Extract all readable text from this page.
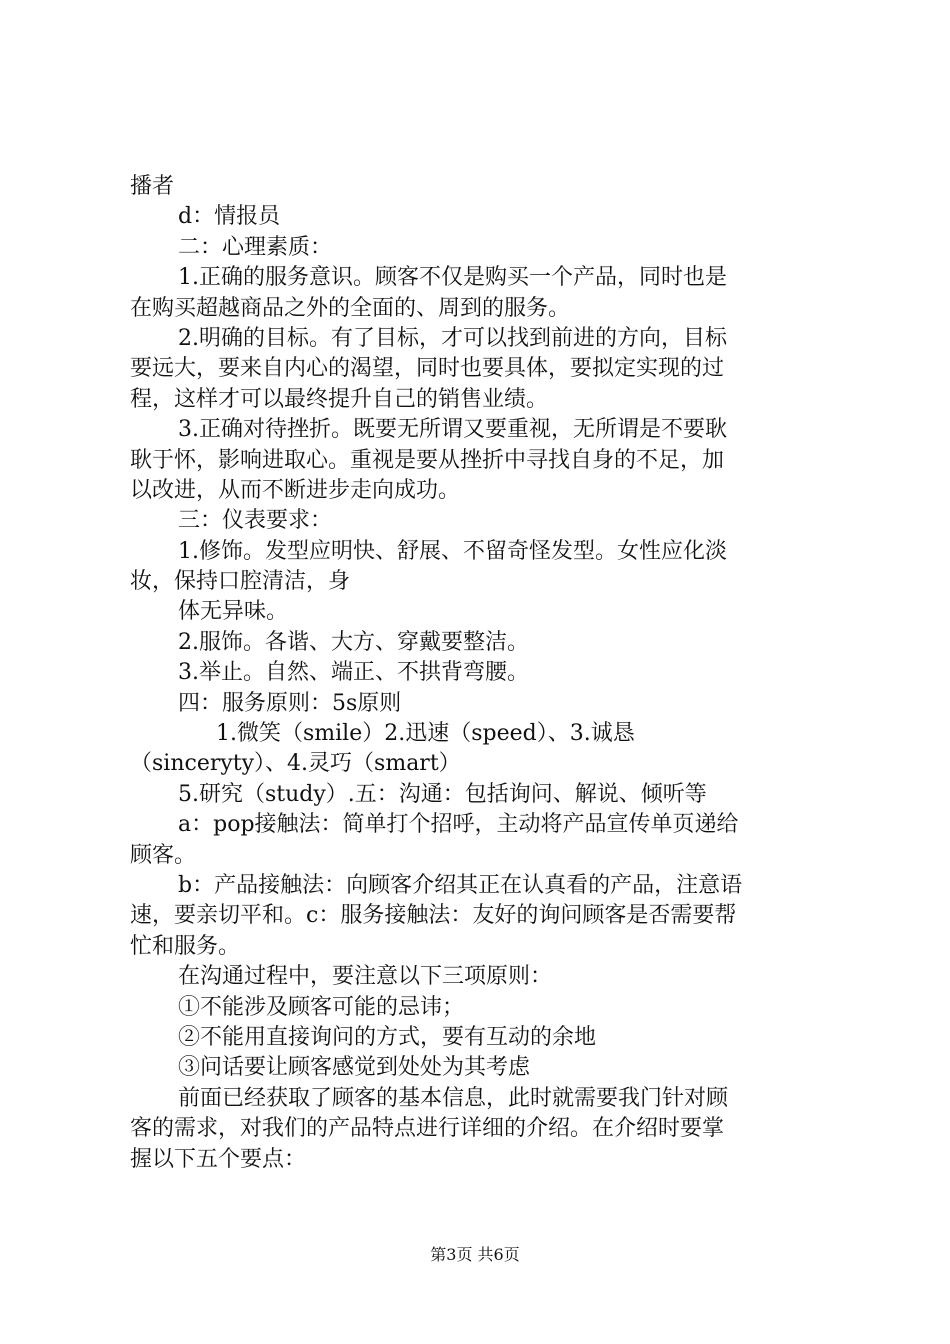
播者
d：情报员
二：心理素质：
1.正确的服务意识。顾客不仅是购买一个产品，同时也是
在购买超越商品之外的全面的、周到的服务。
2.明确的目标。有了目标，才可以找到前进的方向，目标
要远大，要来自内心的渴望，同时也要具体，要拟定实现的过
程，这样才可以最终提升自己的销售业绩。
3.正确对待挫折。既要无所谓又要重视，无所谓是不要耿
耿于怀，影响进取心。重视是要从挫折中寻找自身的不足，加
以改进，从而不断进步走向成功。
三：仪表要求：
1.修饰。发型应明快、舒展、不留奇怪发型。女性应化淡
妆，保持口腔清洁，身
体无异味。
2.服饰。各谐、大方、穿戴要整洁。
3.举止。自然、端正、不拱背弯腰。
四：服务原则：5s原则
1.微笑（smile）2.迅速（speed）、3.诚恳
（sinceryty）、4.灵巧（smart）
5.研究（study）.五：沟通：包括询问、解说、倾听等
a：pop接触法：简单打个招呼，主动将产品宣传单页递给
顾客。
b：产品接触法：向顾客介绍其正在认真看的产品，注意语
速，要亲切平和。c：服务接触法：友好的询问顾客是否需要帮
忙和服务。
在沟通过程中，要注意以下三项原则：
①不能涉及顾客可能的忌讳；
②不能用直接询问的方式，要有互动的余地
③问话要让顾客感觉到处处为其考虑
前面已经获取了顾客的基本信息，此时就需要我门针对顾
客的需求，对我们的产品特点进行详细的介绍。在介绍时要掌
握以下五个要点：
第3页 共6页
